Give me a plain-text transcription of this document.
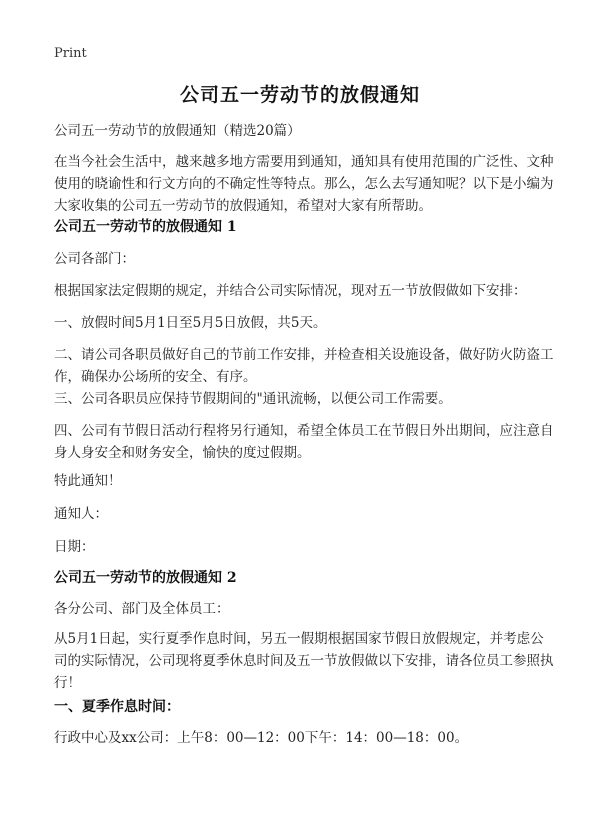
Print
公司五一劳动节的放假通知

公司五一劳动节的放假通知（精选20篇）

在当今社会生活中，越来越多地方需要用到通知，通知具有使用范围的广泛性、文种使用的晓谕性和行文方向的不确定性等特点。那么，怎么去写通知呢？以下是小编为大家收集的公司五一劳动节的放假通知，希望对大家有所帮助。

公司五一劳动节的放假通知 1

公司各部门：

根据国家法定假期的规定，并结合公司实际情况，现对五一节放假做如下安排：

一、放假时间5月1日至5月5日放假，共5天。

二、请公司各职员做好自己的节前工作安排，并检查相关设施设备，做好防火防盗工作，确保办公场所的安全、有序。

三、公司各职员应保持节假期间的"通讯流畅，以便公司工作需要。

四、公司有节假日活动行程将另行通知，希望全体员工在节假日外出期间，应注意自身人身安全和财务安全，愉快的度过假期。

特此通知！

通知人：

日期：

公司五一劳动节的放假通知 2

各分公司、部门及全体员工：

从5月1日起，实行夏季作息时间，另五一假期根据国家节假日放假规定，并考虑公司的实际情况，公司现将夏季休息时间及五一节放假做以下安排，请各位员工参照执行！

一、夏季作息时间：

行政中心及xx公司：上午8：00—12：00下午：14：00—18：00。
